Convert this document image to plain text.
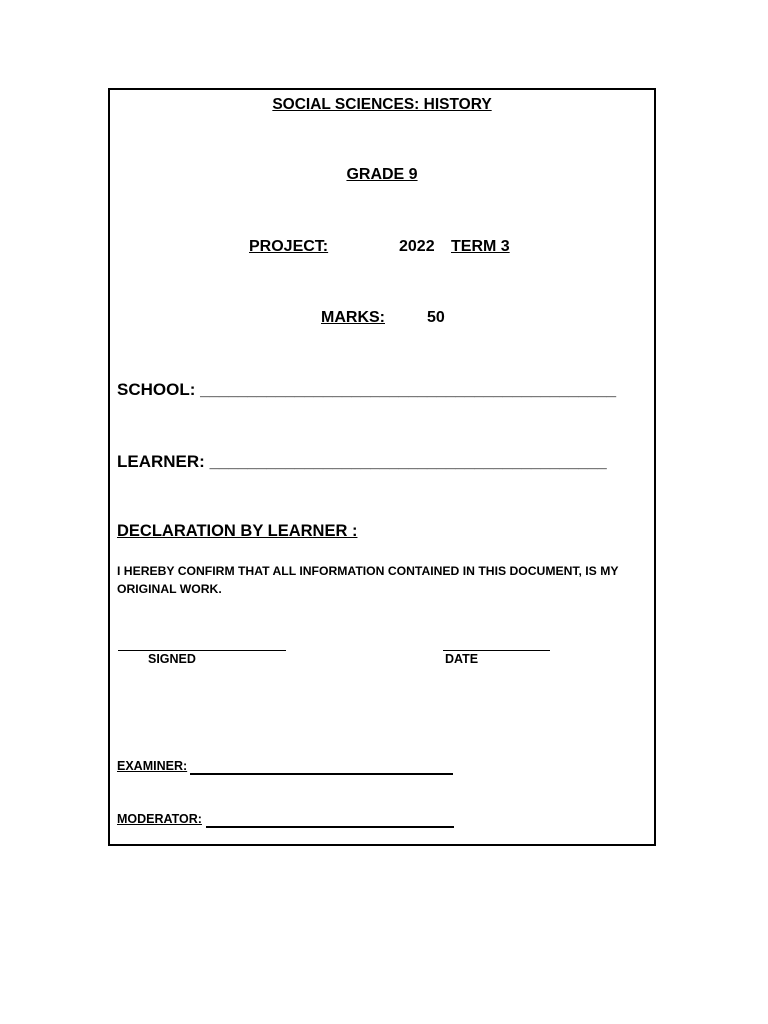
SOCIAL SCIENCES: HISTORY
GRADE 9
PROJECT:	2022 TERM 3
MARKS:	50
SCHOOL: ____________________________________________
LEARNER: __________________________________________
DECLARATION BY LEARNER :
I HEREBY CONFIRM THAT ALL INFORMATION CONTAINED IN THIS DOCUMENT, IS MY ORIGINAL WORK.
SIGNED	DATE
EXAMINER:
MODERATOR:
